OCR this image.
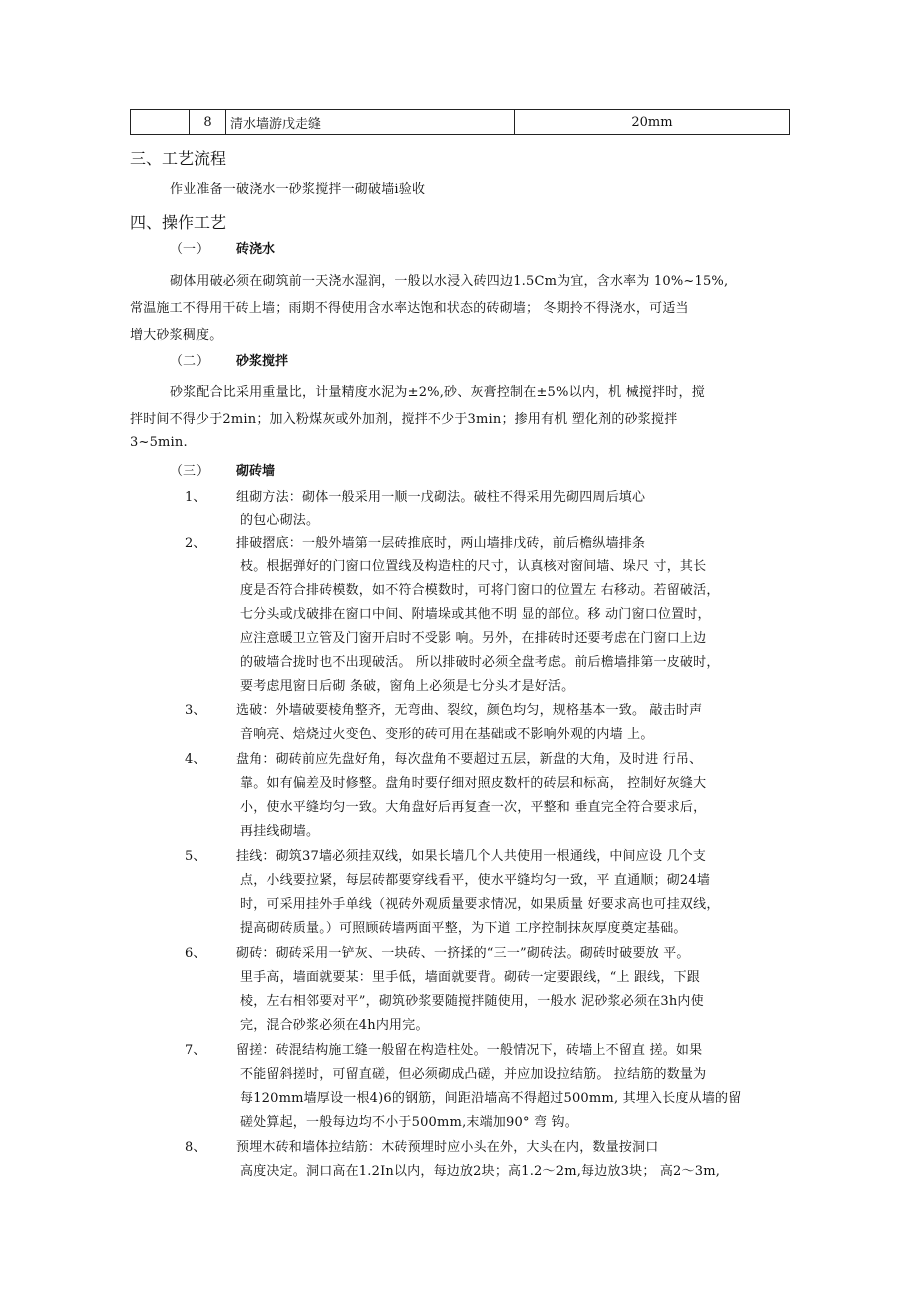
	8	清水墙游戊走缝	20mm
三、工艺流程
作业准备一破浇水一砂浆搅拌一砌破墙i验收
四、操作工艺
（一） 砖浇水
砌体用破必须在砌筑前一天浇水湿润，一般以水浸入砖四边1.5Cm为宜，含水率为 10%~15%,
常温施工不得用干砖上墙；雨期不得使用含水率达饱和状态的砖砌墙； 冬期拎不得浇水，可适当
增大砂浆稠度。
（二） 砂浆搅拌
砂浆配合比采用重量比，计量精度水泥为±2%,砂、灰膏控制在±5%以内，机 械搅拌时，搅
拌时间不得少于2min；加入粉煤灰或外加剂，搅拌不少于3min；掺用有机 塑化剂的砂浆搅拌
3~5min.
（三） 砌砖墙
1、 组砌方法：砌体一般采用一顺一戊砌法。破柱不得采用先砌四周后填心
的包心砌法。
2、 排破摺底：一般外墙第一层砖推底时，两山墙排戊砖，前后檐纵墙排条
枝。根据弹好的门窗口位置线及构造柱的尺寸，认真核对窗间墙、垛尺 寸，其长
度是否符合排砖模数，如不符合模数时，可将门窗口的位置左 右移动。若留破活，
七分头或戊破排在窗口中间、附墙垛或其他不明 显的部位。移 动门窗口位置时，
应注意暖卫立管及门窗开启时不受影 响。另外，在排砖时还要考虑在门窗口上边
的破墙合拢时也不出现破活。 所以排破时必须全盘考虑。前后檐墙排第一皮破时，
要考虑甩窗日后砌 条破，窗角上必须是七分头才是好活。
3、 选破：外墙破要棱角整齐，无弯曲、裂纹，颜色均匀，规格基本一致。 敲击时声
音响亮、焙烧过火变色、变形的砖可用在基础或不影响外观的内墙 上。
4、 盘角：砌砖前应先盘好角，每次盘角不要超过五层，新盘的大角，及时进 行吊、
靠。如有偏差及时修整。盘角时要仔细对照皮数杆的砖层和标高， 控制好灰缝大
小，使水平缝均匀一致。大角盘好后再复查一次，平整和 垂直完全符合要求后，
再挂线砌墙。
5、 挂线：砌筑37墙必须挂双线，如果长墙几个人共使用一根通线，中间应设 几个支
点，小线要拉紧，每层砖都要穿线看平，使水平缝均匀一致，平 直通顺；砌24墙
时，可采用挂外手单线（视砖外观质量要求情况，如果质量 好要求高也可挂双线，
提高砌砖质量。）可照顾砖墙两面平整，为下道 工序控制抹灰厚度奠定基础。
6、 砌砖：砌砖采用一铲灰、一块砖、一挤揉的“三一”砌砖法。砌砖时破要放 平。
里手高，墙面就要某：里手低，墙面就要背。砌砖一定要跟线，“上 跟线，下跟
棱，左右相邻要对平”，砌筑砂浆要随搅拌随使用，一般水 泥砂浆必须在3h内使
完，混合砂浆必须在4h内用完。
7、 留搓：砖混结构施工缝一般留在构造柱处。一般情况下，砖墙上不留直 搓。如果
不能留斜搓时，可留直磋，但必须砌成凸磋，并应加设拉结筋。 拉结筋的数量为
每120mm墙厚设一根4)6的钢筋，间距沿墙高不得超过500mm, 其埋入长度从墙的留
磋处算起，一般每边均不小于500mm,末端加90° 弯 钩。
8、 预埋木砖和墙体拉结筋：木砖预埋时应小头在外，大头在内，数量按洞口
高度决定。洞口高在1.2In以内，每边放2块；高1.2～2m,每边放3块； 高2～3m,
